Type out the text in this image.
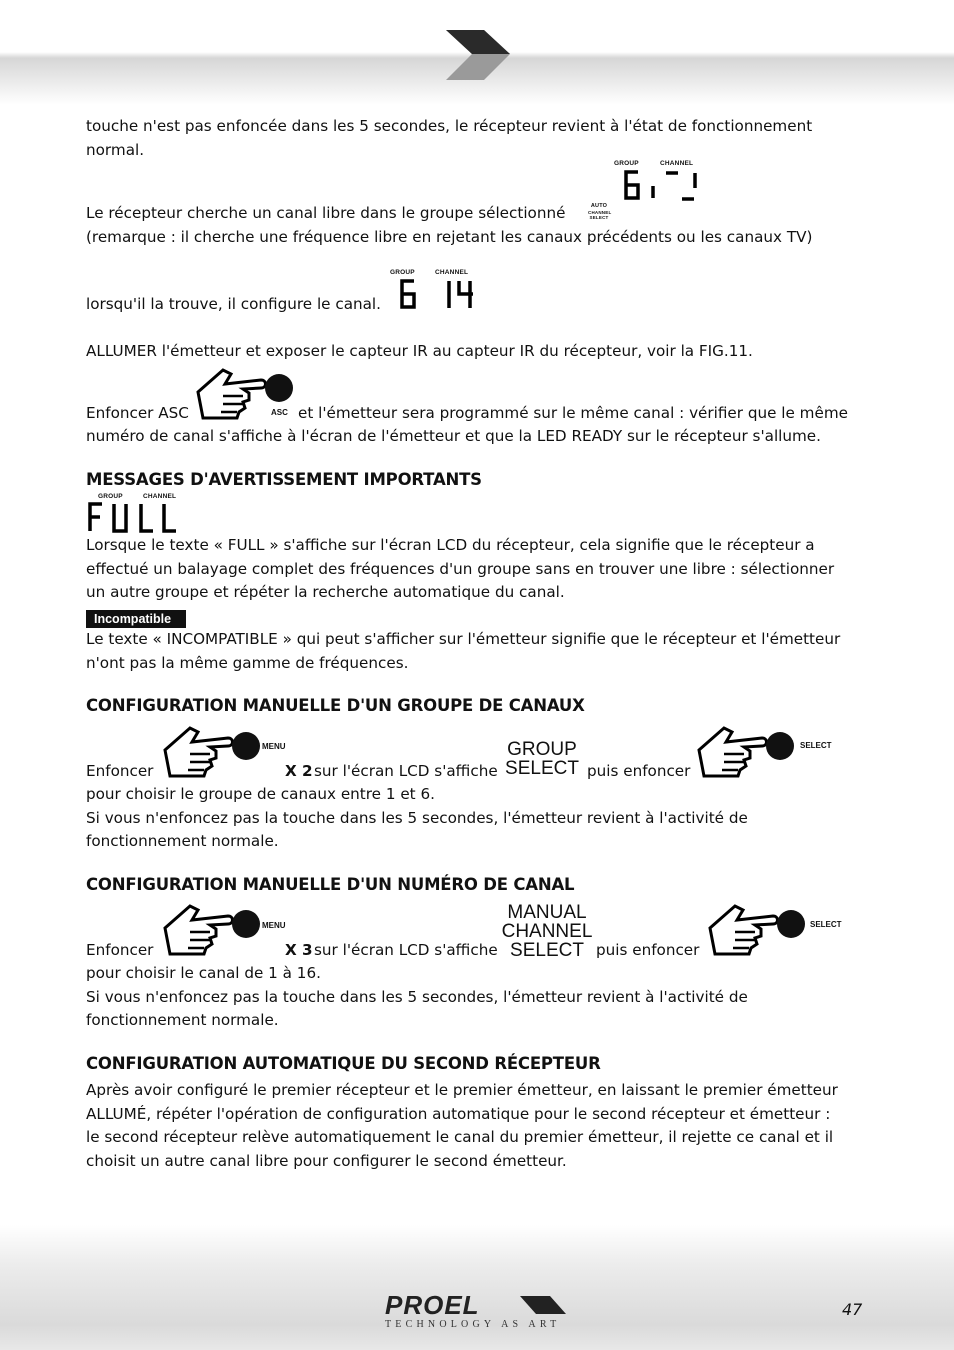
touche n'est pas enfoncée dans les 5 secondes, le récepteur revient à l'état de fonctionnement
normal.
GROUP	CHANNEL
AUTO
CHANNEL
SELECT
Le récepteur cherche un canal libre dans le groupe sélectionné
(remarque : il cherche une fréquence libre en rejetant les canaux précédents ou les canaux TV)
GROUP	CHANNEL
lorsqu'il la trouve, il configure le canal.
ALLUMER l'émetteur et exposer le capteur IR au capteur IR du récepteur, voir la FIG.11.
Enfoncer ASC	ASC et l'émetteur sera programmé sur le même canal : vérifier que le même
numéro de canal s'affiche à l'écran de l'émetteur et que la LED READY sur le récepteur s'allume.
MESSAGES D'AVERTISSEMENT IMPORTANTS
GROUP	CHANNEL
Lorsque le texte « FULL » s'affiche sur l'écran LCD du récepteur, cela signifie que le récepteur a
effectué un balayage complet des fréquences d'un groupe sans en trouver une libre : sélectionner
un autre groupe et répéter la recherche automatique du canal.
Incompatible
Le texte « INCOMPATIBLE » qui peut s'afficher sur l'émetteur signifie que le récepteur et l'émetteur
n'ont pas la même gamme de fréquences.
CONFIGURATION MANUELLE D'UN GROUPE DE CANAUX
Enfoncer
MENU
X 2 sur l'écran LCD s'affiche
GROUP
SELECT puis enfoncer
SELECT
pour choisir le groupe de canaux entre 1 et 6.
Si vous n'enfoncez pas la touche dans les 5 secondes, l'émetteur revient à l'activité de
fonctionnement normale.
CONFIGURATION MANUELLE D'UN NUMÉRO DE CANAL
Enfoncer
MENU
X 3 sur l'écran LCD s'affiche
MANUAL
CHANNEL
SELECT puis enfoncer
SELECT
pour choisir le canal de 1 à 16.
Si vous n'enfoncez pas la touche dans les 5 secondes, l'émetteur revient à l'activité de
fonctionnement normale.
CONFIGURATION AUTOMATIQUE DU SECOND RÉCEPTEUR
Après avoir configuré le premier récepteur et le premier émetteur, en laissant le premier émetteur
ALLUMÉ, répéter l'opération de configuration automatique pour le second récepteur et émetteur :
le second récepteur relève automatiquement le canal du premier émetteur, il rejette ce canal et il
choisit un autre canal libre pour configurer le second émetteur.
PROEL
TECHNOLOGY AS ART
47
